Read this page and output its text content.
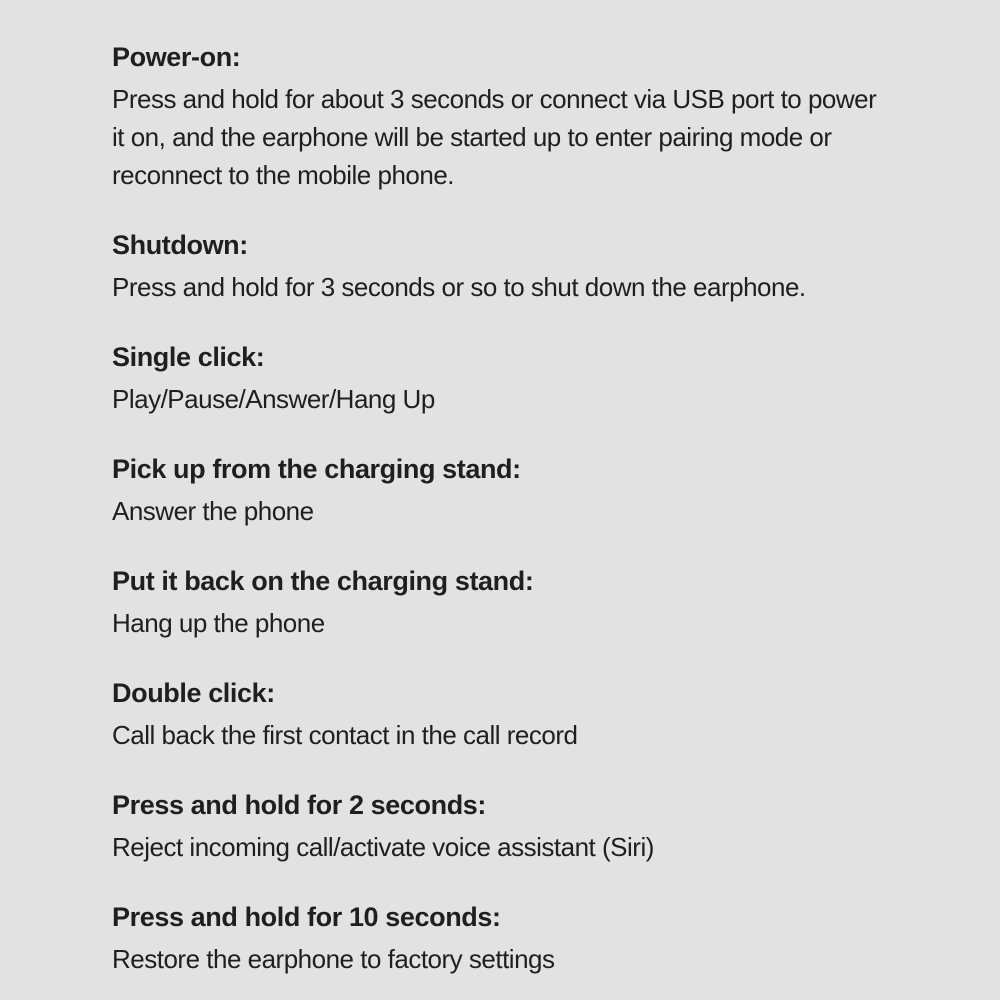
Power-on:

Press and hold for about 3 seconds or connect via USB port to power it on, and the earphone will be started up to enter pairing mode or reconnect to the mobile phone.

Shutdown:

Press and hold for 3 seconds or so to shut down the earphone.

Single click:

Play/Pause/Answer/Hang Up

Pick up from the charging stand:

Answer the phone

Put it back on the charging stand:

Hang up the phone

Double click:

Call back the first contact in the call record

Press and hold for 2 seconds:

Reject incoming call/activate voice assistant (Siri)

Press and hold for 10 seconds:

Restore the earphone to factory settings
